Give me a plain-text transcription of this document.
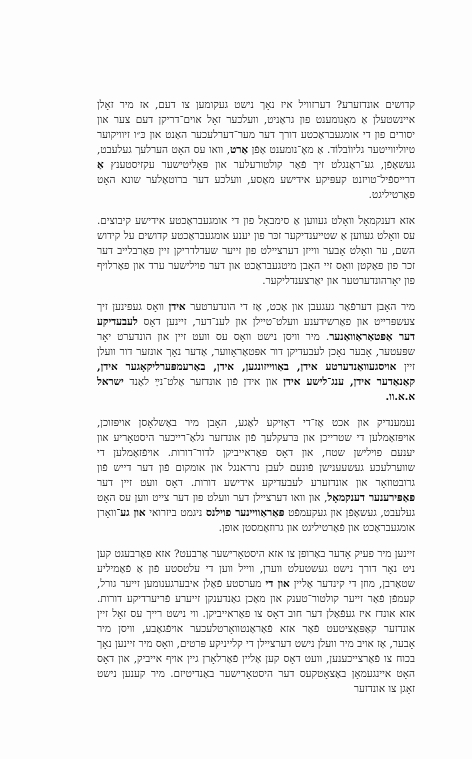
קדושים אונדזערע? דערזוויל איז נאָך נישט געקומען צו דעם, אז מיר זאָלן איינשטעלן אַ מאָנומענט פון גראַניט, וועלכער זאָל אוים־דריקן דעם צער און יסורים פון די אומגעבראַכטע דורך דער מער־דערלעכער האַנט און כּ״ו זיוויקוער טיוליווייטער גליווֹבלוֹד. אַ מאָ־נומענט אַפֿן אַרט, וואו עס האָט הערלעך געלעבט, געשאַפֿן, גע־ראַנגלט זיך פֿאַר קולטורעלער און פּאָליטישער עקזיסטענץ אַ דרייספֿיל־טויזנט קעפּיקע אידישע מאַסע, וועלכע דער ברוטאַלער שונא האָט פאַרטיליגט.

אזא דענקמאָל וואָלט געווען אַ סימבאָל פון די אומגעבראַכטע אידישע קיבוצים. עס וואָלט געווען אַ שטייענדיקער זכּר פון יענע אומגעבראַכטע קדושים על קידוש השם, ער וואָלט אָבער ווייזן דערציילט פון זייער שעדלדריקן זיין פאַרבלייב דער זכר פון פאַקטן וואָס זיי האָבן מיטגעבראַכט און דער פוילישער ערד און פאַרלויף פון יאָרהונדערטער און יאַרצענדליקער.

מיר האָבן דערפֿאַר געגעבן און אַכט, אַז די הונדערטער אידן וואָס געפינען זיך צעשפּרייט און פאַרשידענע וועלט־טיילן און לענ־דער, זיינען דאָס לעבעדיקע דער אַפּטאַראַוואַנער. מיר וויסן נישט וואָס עס וועט זיין און הונדערט יאָר שפּעטער, אָבער נאָכן לעבעדיקן דור אפּטאַראָווער, אַדער נאָך אונזער דור וועלן זיין אויסגעוואַנדערטע אידן, באַווייזונגען, אידן, באַרעמפּערליקאָגער אידן, קאַנאַדער אידן, ענג־לישע אידן און אידן פֿון אונדזער אַלט־נײַ לאַנד ישראל א.א.וו.

נעמענדיק און אכט אַז־די דאָזיקע לאַגע, האָבן מיר באַשלאָסן אויפּזוכן, אויפּזאַמלען די שטרייכן און בּרעקלעך פֿון אונדזער גלאַ־רייכער היסטאָריע און יענעם פוילישן שטח, און דאָס פאַראייביקן לדור־דורות. אויפֿזאַמלען די שווערלעכע געשעענישן פֿונעם לעבן נרראנגל און אומקום פֿון דער דייש פֿון גרובטוזאָר און אונדזערע לעבעדיקע אידישע דורות. דאָס וועט זיין דער פּאַפּירענער דענקמאָל, און וואו דערציילן דער וועלט פון דער צייט ווען עס האָט געלעבט, געשאַפֿן און געקעמפֿט פּאַראַוויינער פוילנס ניגמט ביזרואי און גע־וואָרן אומגעבראַכט און פֿאַרטיליגט און גרוזאַמסטן אופן.

זיינען מיר פעיק אָדער באַרופן צו אזא היסטאָרישער אַרבעט? אזא פאַרבעגט קען ניט נאָר דורך נישט געשטעלט ווערן, ווייל ווען די עלטסטע פֿון אַ פֿאַמיליע שטאַרבן, מוזן די קינדער אַליין און די מערסטע פֿאַלן איבערגענומען זייער גורל, קעמפֿן פֿאַר זייער קולטור־טענק און מאַכן גאַנדענקן זייערע פֿריערדיקע דורות. אזא אונדז איז געפֿאַלן דער חוב דאָס צו פאַראייביקן. ווי נישט רייך עס זאָל זיין אונדזער קאַפּאַציטעט פֿאַר אזא פֿאַראַנטוואָרטלעכער אויפֿגאַבע, וויסן מיר אָבער, אַז אויב מיר וועלן נישט דערציילן די קלייניקע פּרטים, וואָס מיר זיינען נאָך בכוח צו פֿאַרצייכענען, וועט דאָס קען אַליין פֿאַרלאָרן גיין אויף אייביק, און דאָס האָט איינגעמאָן באַצאָטקעס דער היסטאָרישער באַנדיטיזם. מיר קענען נישט זאָגן צו אונדזער
